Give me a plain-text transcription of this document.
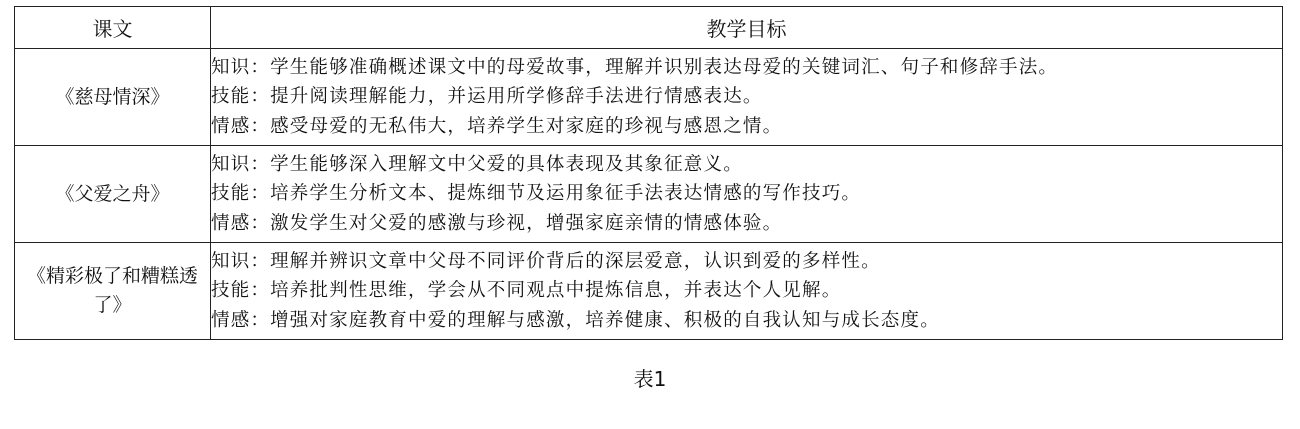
课文	教学目标
《慈母情深》	知识：学生能够准确概述课文中的母爱故事，理解并识别表达母爱的关键词汇、句子和修辞手法。
技能：提升阅读理解能力，并运用所学修辞手法进行情感表达。
情感：感受母爱的无私伟大，培养学生对家庭的珍视与感恩之情。

《父爱之舟》	知识：学生能够深入理解文中父爱的具体表现及其象征意义。
技能：培养学生分析文本、提炼细节及运用象征手法表达情感的写作技巧。
情感：激发学生对父爱的感激与珍视，增强家庭亲情的情感体验。

《精彩极了和糟糕透了》	知识：理解并辨识文章中父母不同评价背后的深层爱意，认识到爱的多样性。
技能：培养批判性思维，学会从不同观点中提炼信息，并表达个人见解。
情感：增强对家庭教育中爱的理解与感激，培养健康、积极的自我认知与成长态度。
表1
